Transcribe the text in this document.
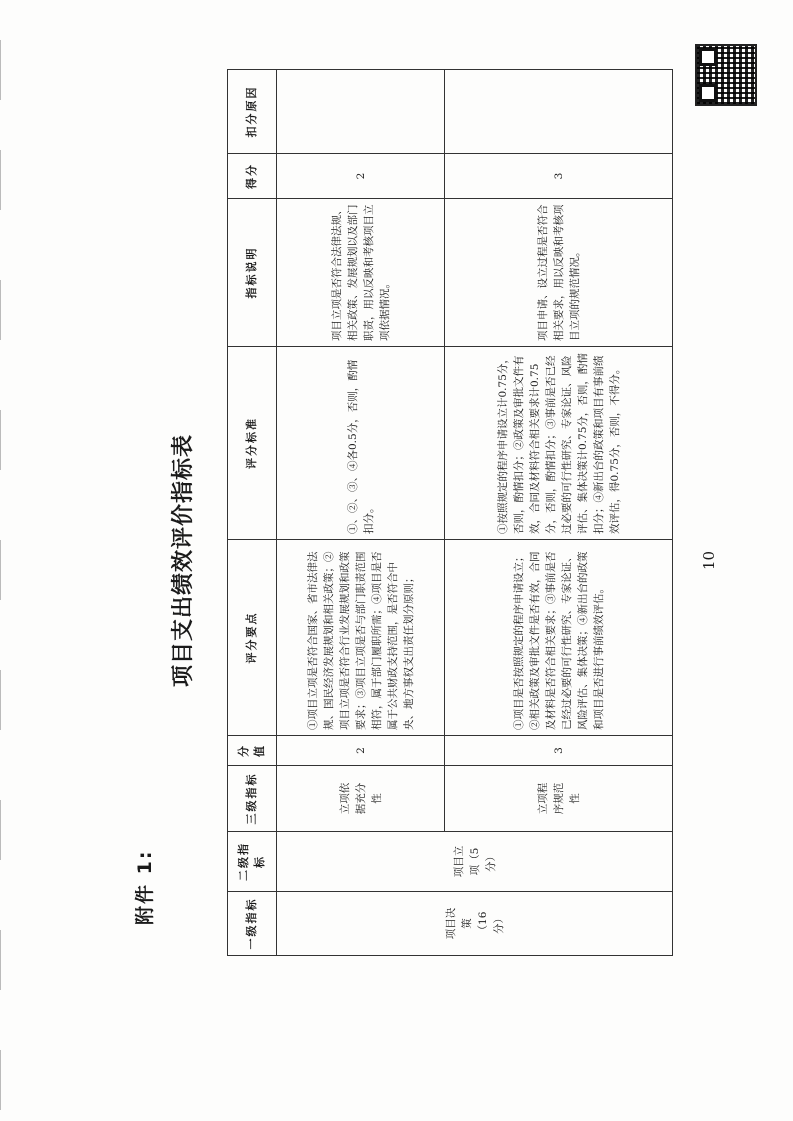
附件 1:
项目支出绩效评价指标表
一级指标	二级指标	三级指标	分值	评分要点	评分标准	指标说明	得分	扣分原因

项目决策（16分）	项目立项（5分）	立项依据充分性	2	①项目立项是否符合国家、省市法律法规、国民经济发展规划和相关政策；②项目立项是否符合行业发展规划和政策要求；③项目立项是否与部门职责范围相符，属于部门履职所需；④项目是否属于公共财政支持范围，是否符合中央、地方事权支出责任划分原则；	①、②、③、④各0.5分，否则，酌情扣分。	项目立项是否符合法律法规、相关政策、发展规划以及部门职责，用以反映和考核项目立项依据情况。	2	

		立项程序规范性	3	①项目是否按照规定的程序申请设立；②相关政策及审批文件是否有效，合同及材料是否符合相关要求；③事前是否已经过必要的可行性研究、专家论证、风险评估、集体决策；④新出台的政策和项目是否进行事前绩效评估。	①按照规定的程序申请设立计0.75分，否则，酌情扣分；②政策及审批文件有效，合同及材料符合相关要求计0.75分，否则，酌情扣分；③事前是否已经过必要的可行性研究、专家论证、风险评估、集体决策计0.75分，否则，酌情扣分；④新出台的政策和项目有事前绩效评估，得0.75分，否则，不得分。	项目申请、设立过程是否符合相关要求，用以反映和考核项目立项的规范情况。	3	
10
